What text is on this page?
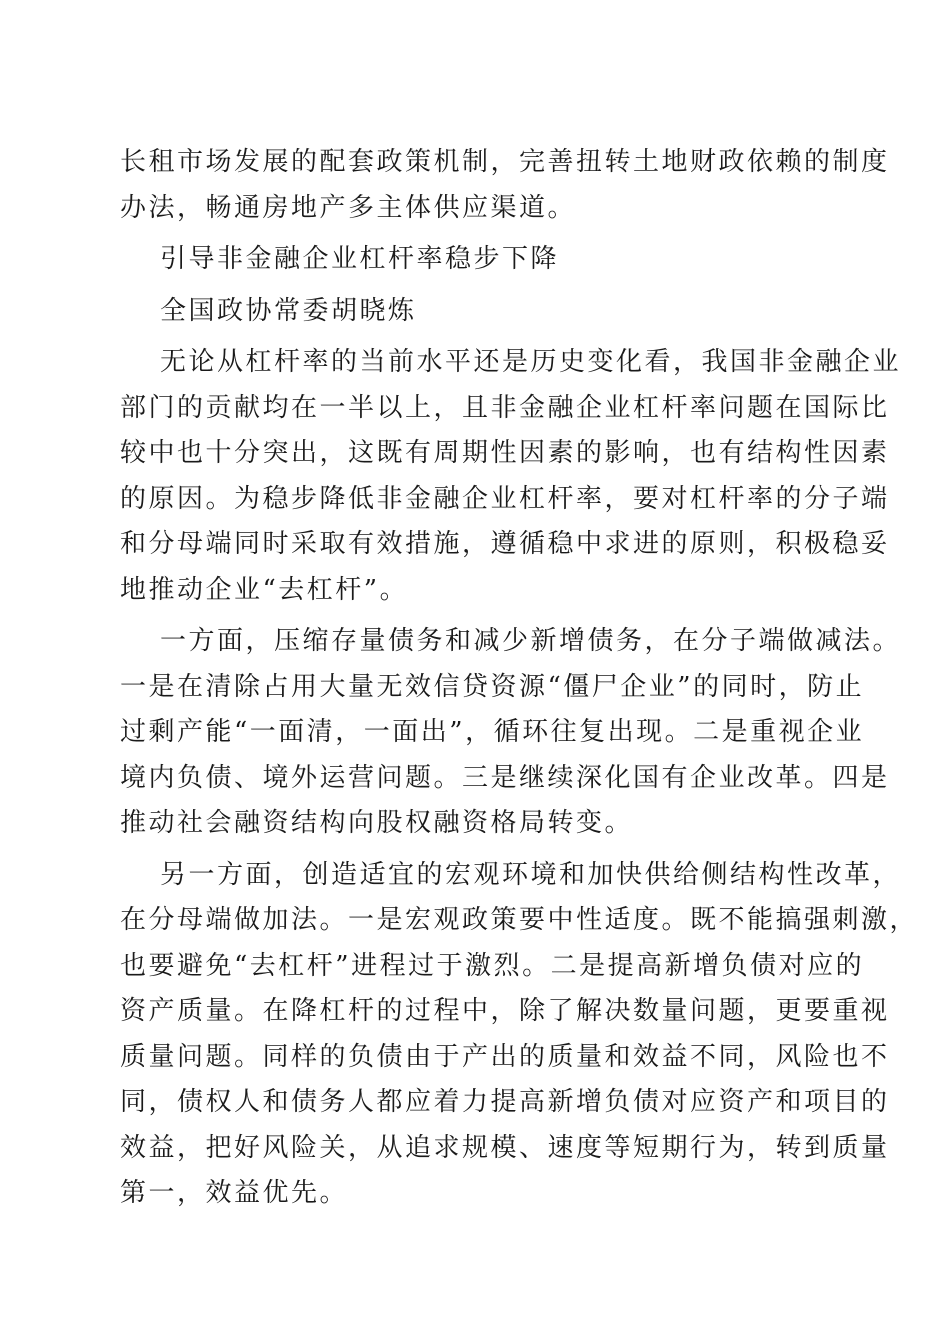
长租市场发展的配套政策机制，完善扭转土地财政依赖的制度
办法，畅通房地产多主体供应渠道。
引导非金融企业杠杆率稳步下降
全国政协常委胡晓炼
无论从杠杆率的当前水平还是历史变化看，我国非金融企业
部门的贡献均在一半以上，且非金融企业杠杆率问题在国际比
较中也十分突出，这既有周期性因素的影响，也有结构性因素
的原因。为稳步降低非金融企业杠杆率，要对杠杆率的分子端
和分母端同时采取有效措施，遵循稳中求进的原则，积极稳妥
地推动企业“去杠杆”。
一方面，压缩存量债务和减少新增债务，在分子端做减法。
一是在清除占用大量无效信贷资源“僵尸企业”的同时，防止
过剩产能“一面清，一面出”，循环往复出现。二是重视企业
境内负债、境外运营问题。三是继续深化国有企业改革。四是
推动社会融资结构向股权融资格局转变。
另一方面，创造适宜的宏观环境和加快供给侧结构性改革，
在分母端做加法。一是宏观政策要中性适度。既不能搞强刺激，
也要避免“去杠杆”进程过于激烈。二是提高新增负债对应的
资产质量。在降杠杆的过程中，除了解决数量问题，更要重视
质量问题。同样的负债由于产出的质量和效益不同，风险也不
同，债权人和债务人都应着力提高新增负债对应资产和项目的
效益，把好风险关，从追求规模、速度等短期行为，转到质量
第一，效益优先。
